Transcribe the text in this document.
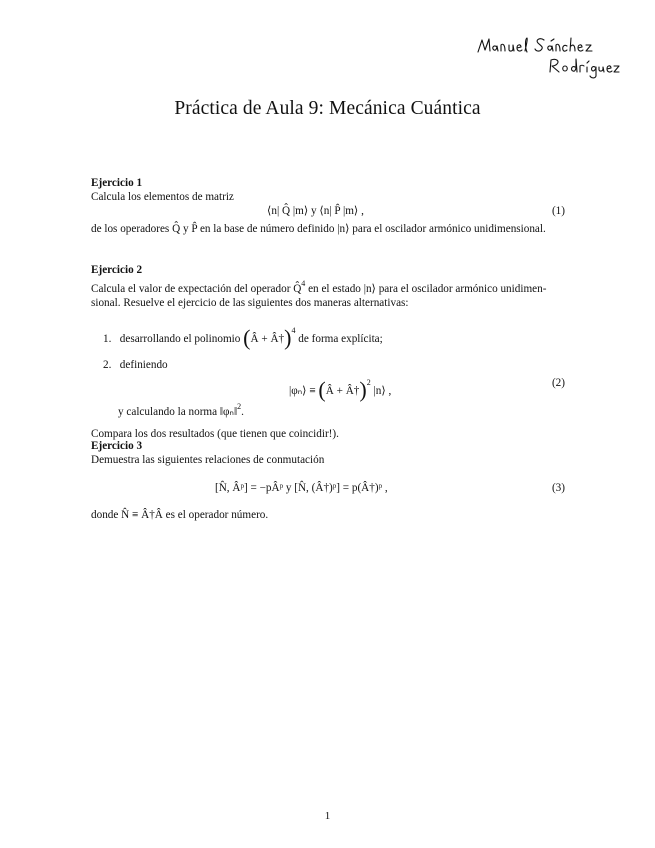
Práctica de Aula 9: Mecánica Cuántica
Ejercicio 1
Calcula los elementos de matriz
⟨n| Q̂ |m⟩ y ⟨n| P̂ |m⟩ ,	(1)
de los operadores Q̂ y P̂ en la base de número definido |n⟩ para el oscilador armónico unidimensional.
Ejercicio 2
Calcula el valor de expectación del operador Q̂$^4$ en el estado |n⟩ para el oscilador armónico unidimen-
sional. Resuelve el ejercicio de las siguientes dos maneras alternativas:
1. desarrollando el polinomio (Â + Â†)$^4$ de forma explícita;
2. definiendo
|φₙ⟩ ≡ (Â + Â†)$^2$ |n⟩ ,
(2)
y calculando la norma ‖φₙ‖$^2$.
Compara los dos resultados (que tienen que coincidir!).
Ejercicio 3
Demuestra las siguientes relaciones de conmutación
[N̂, Âᵖ] = −pÂᵖ y [N̂, (Â†)ᵖ] = p(Â†)ᵖ ,	(3)
donde N̂ ≡ Â†Â es el operador número.
1
